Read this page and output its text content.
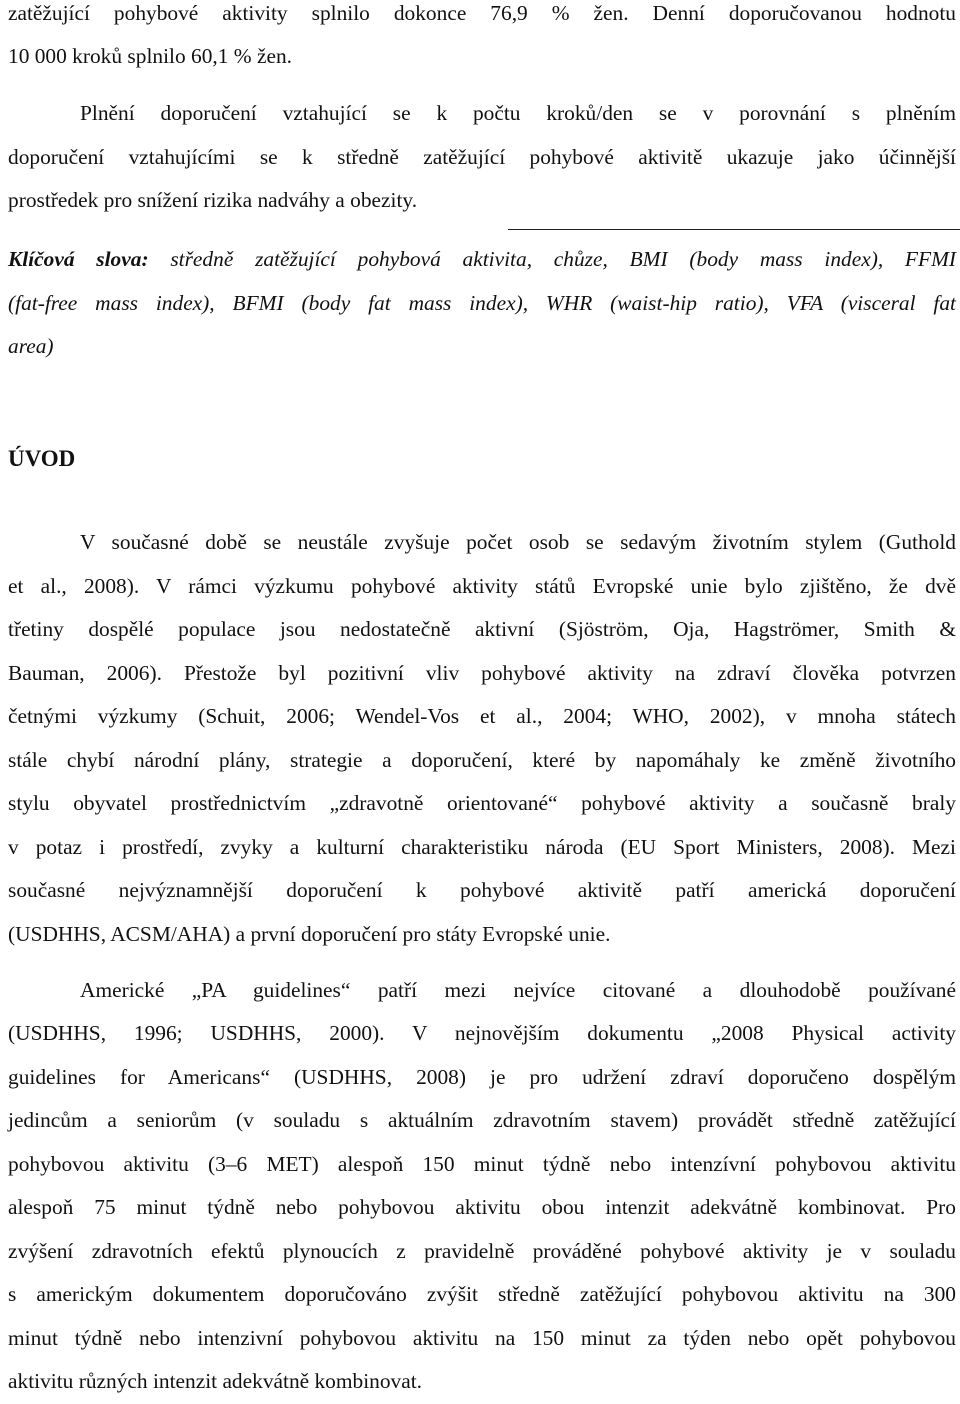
zatěžující pohybové aktivity splnilo dokonce 76,9 % žen. Denní doporučovanou hodnotu
10 000 kroků splnilo 60,1 % žen.
Plnění doporučení vztahující se k počtu kroků/den se v porovnání s plněním
doporučení vztahujícími se k středně zatěžující pohybové aktivitě ukazuje jako účinnější
prostředek pro snížení rizika nadváhy a obezity.
Klíčová slova: středně zatěžující pohybová aktivita, chůze, BMI (body mass index), FFMI
(fat-free mass index), BFMI (body fat mass index), WHR (waist-hip ratio), VFA (visceral fat
area)
ÚVOD
V současné době se neustále zvyšuje počet osob se sedavým životním stylem (Guthold
et al., 2008). V rámci výzkumu pohybové aktivity států Evropské unie bylo zjištěno, že dvě
třetiny dospělé populace jsou nedostatečně aktivní (Sjöström, Oja, Hagströmer, Smith &
Bauman, 2006). Přestože byl pozitivní vliv pohybové aktivity na zdraví člověka potvrzen
četnými výzkumy (Schuit, 2006; Wendel-Vos et al., 2004; WHO, 2002), v mnoha státech
stále chybí národní plány, strategie a doporučení, které by napomáhaly ke změně životního
stylu obyvatel prostřednictvím „zdravotně orientované“ pohybové aktivity a současně braly
v potaz i prostředí, zvyky a kulturní charakteristiku národa (EU Sport Ministers, 2008). Mezi
současné nejvýznamnější doporučení k pohybové aktivitě patří americká doporučení
(USDHHS, ACSM/AHA) a první doporučení pro státy Evropské unie.
Americké „PA guidelines“ patří mezi nejvíce citované a dlouhodobě používané
(USDHHS, 1996; USDHHS, 2000). V nejnovějším dokumentu „2008 Physical activity
guidelines for Americans“ (USDHHS, 2008) je pro udržení zdraví doporučeno dospělým
jedincům a seniorům (v souladu s aktuálním zdravotním stavem) provádět středně zatěžující
pohybovou aktivitu (3–6 MET) alespoň 150 minut týdně nebo intenzívní pohybovou aktivitu
alespoň 75 minut týdně nebo pohybovou aktivitu obou intenzit adekvátně kombinovat. Pro
zvýšení zdravotních efektů plynoucích z pravidelně prováděné pohybové aktivity je v souladu
s americkým dokumentem doporučováno zvýšit středně zatěžující pohybovou aktivitu na 300
minut týdně nebo intenzivní pohybovou aktivitu na 150 minut za týden nebo opět pohybovou
aktivitu různých intenzit adekvátně kombinovat.
